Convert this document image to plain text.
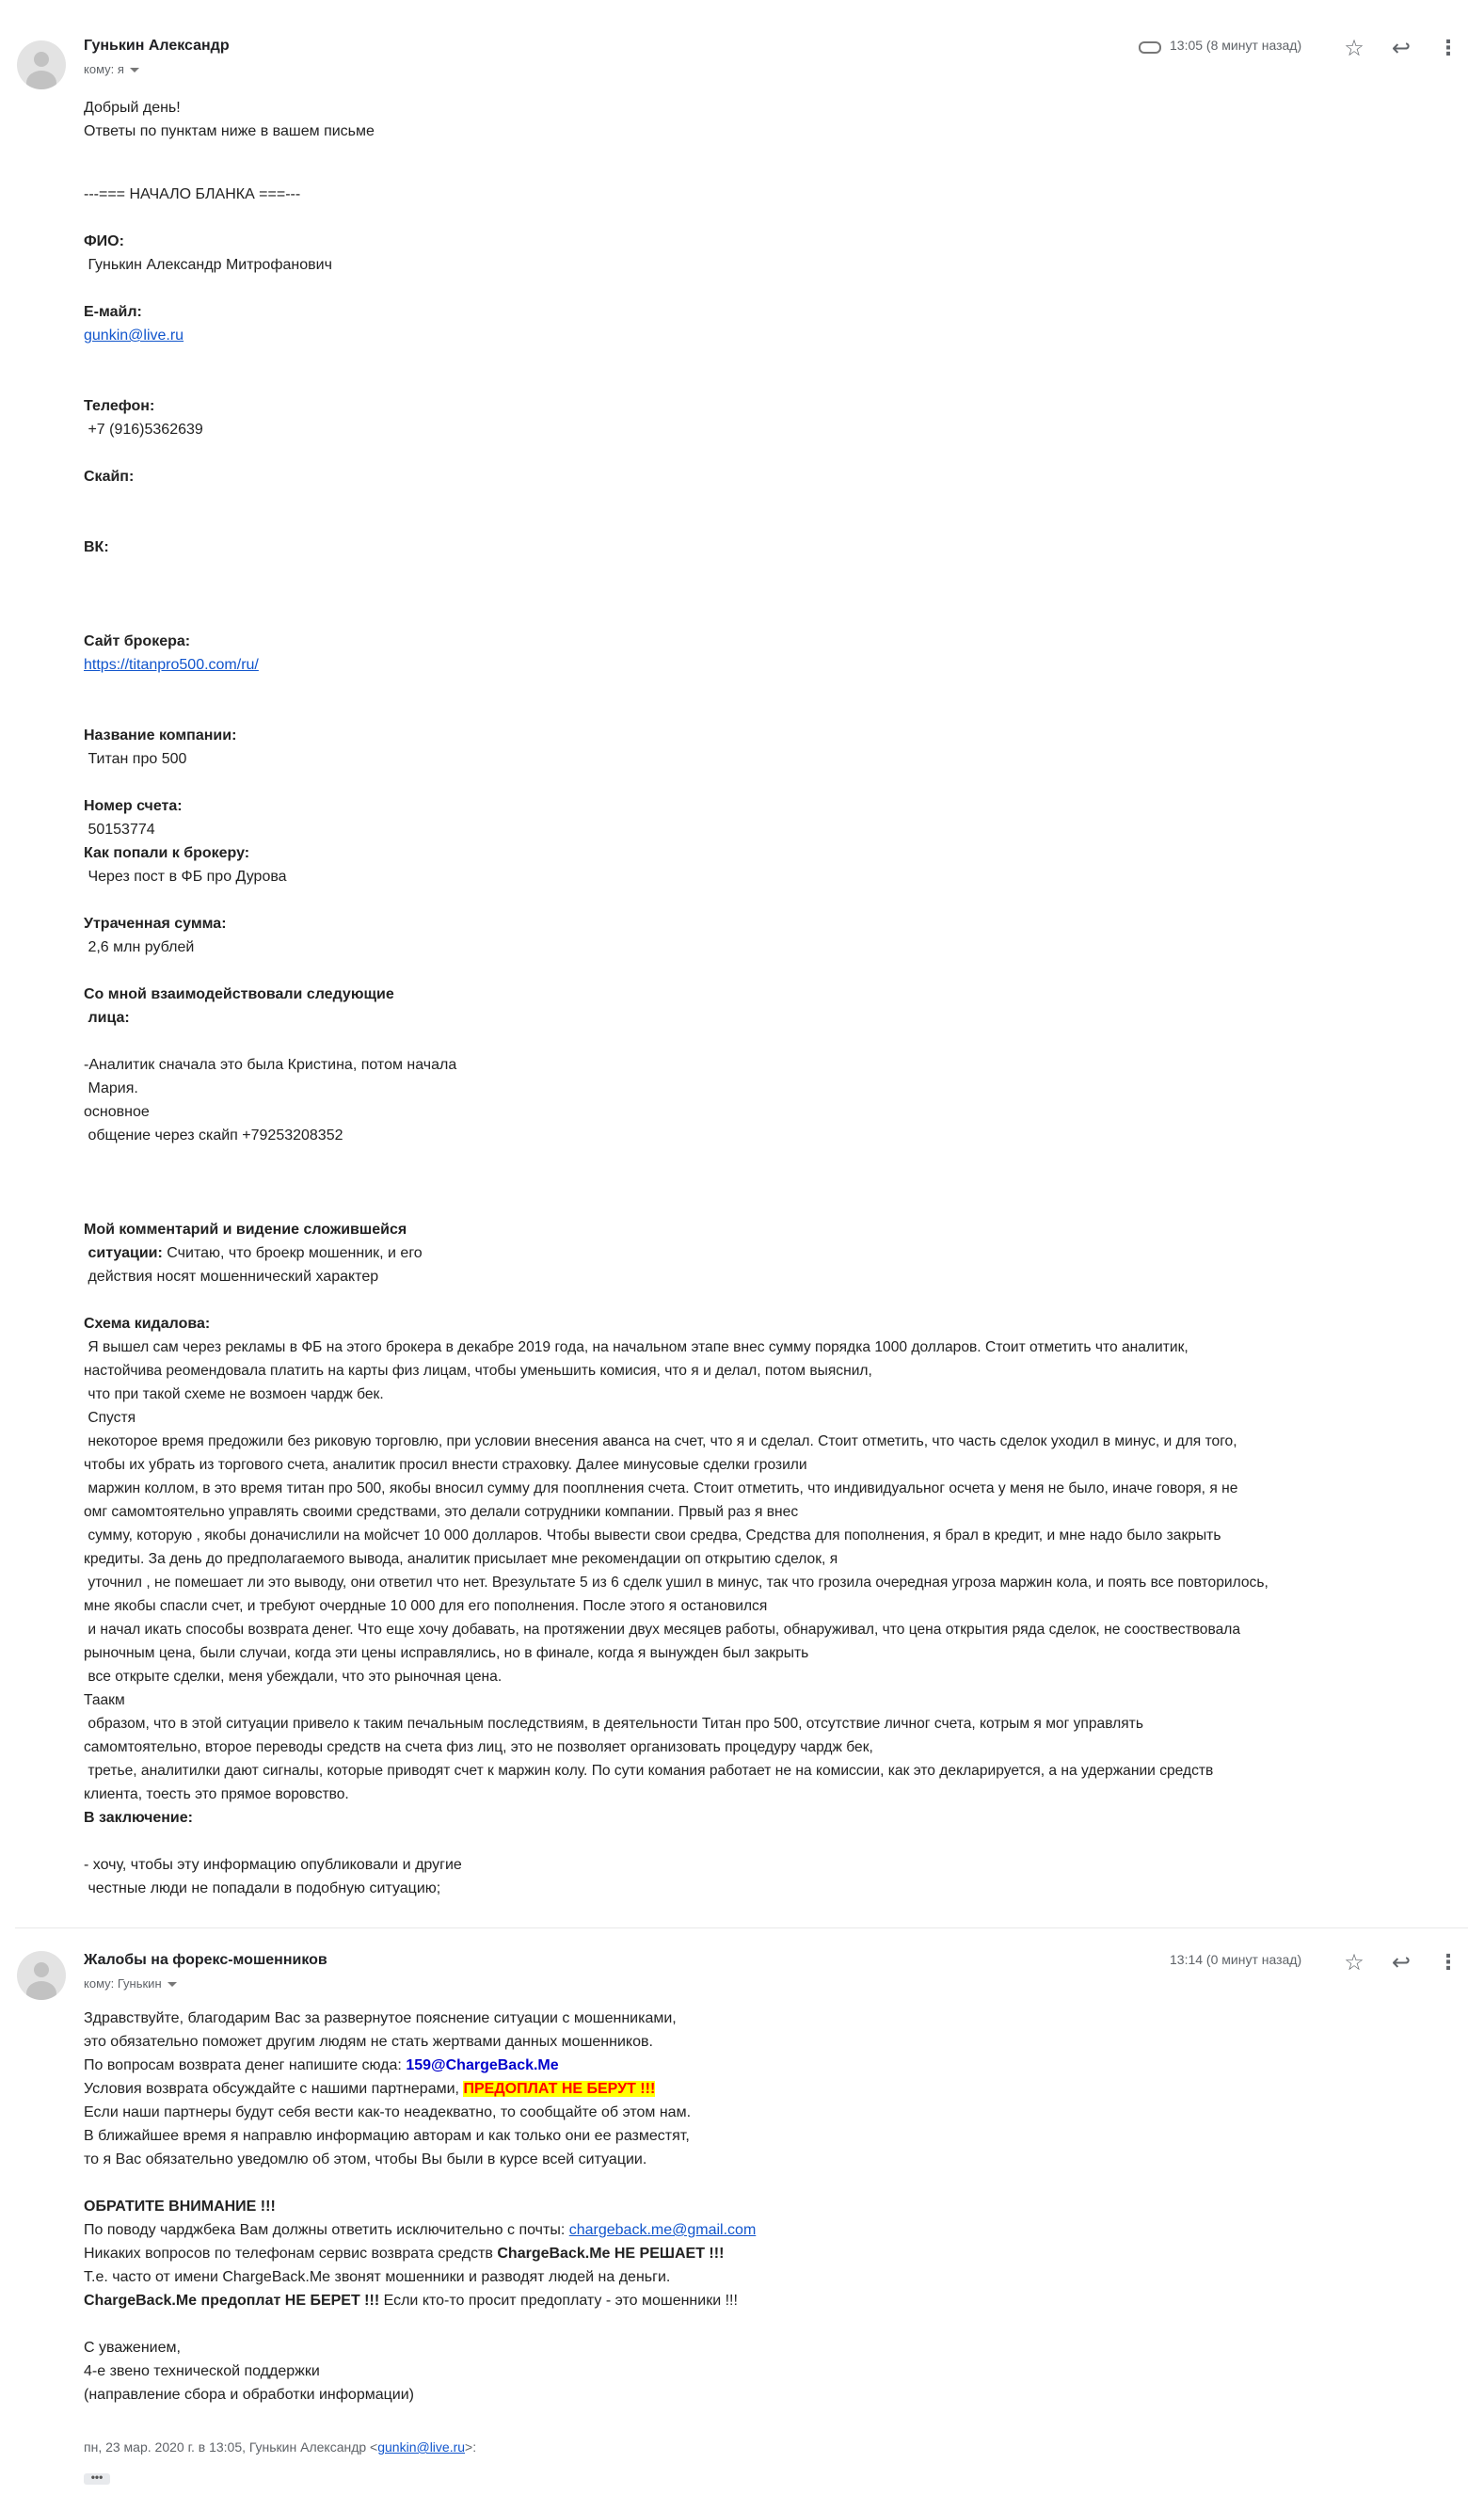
Гунькин Александр
кому: я
13:05 (8 минут назад) ☆ ↩ ⋮

Добрый день!

Ответы по пунктам ниже в вашем письме

---=== НАЧАЛО БЛАНКА ===---

ФИО:

Гунькин Александр Митрофанович

E-майл:

gunkin@live.ru

Телефон:

+7 (916)5362639

Скайп:

ВК:

Сайт брокера:

https://titanpro500.com/ru/

Название компании:

Титан про 500

Номер счета:

50153774

Как попали к брокеру:

Через пост в ФБ про Дурова

Утраченная сумма:

2,6 млн рублей

Со мной взаимодействовали следующие

лица:

-Аналитик сначала это была Кристина, потом начала

Мария.

основное

общение через скайп +79253208352

Мой комментарий и видение сложившейся

ситуации: Считаю, что броекр мошенник, и его

действия носят мошеннический характер

Схема кидалова:

Я вышел сам через рекламы в ФБ на этого брокера в декабре 2019 года, на начальном этапе внес сумму порядка 1000 долларов. Стоит отметить что аналитик,

настойчива реомендовала платить на карты физ лицам, чтобы уменьшить комисия, что я и делал, потом выяснил,

что при такой схеме не возмоен чардж бек.

Спустя

некоторое время предожили без риковую торговлю, при условии внесения аванса на счет, что я и сделал. Стоит отметить, что часть сделок уходил в минус, и для того,

чтобы их убрать из торгового счета, аналитик просил внести страховку. Далее минусовые сделки грозили

маржин коллом, в это время титан про 500, якобы вносил сумму для пооплнения счета. Стоит отметить, что индивидуальног осчета у меня не было, иначе говоря, я не

омг самомтоятельно управлять своими средствами, это делали сотрудники компании. Првый раз я внес

сумму, которую , якобы доначислили на мойсчет 10 000 долларов. Чтобы вывести свои средва, Средства для пополнения, я брал в кредит, и мне надо было закрыть

кредиты. За день до предполагаемого вывода, аналитик присылает мне рекомендации оп открытию сделок, я

уточнил , не помешает ли это выводу, они ответил что нет. Врезультате 5 из 6 сделк ушил в минус, так что грозила очередная угроза маржин кола, и поять все повторилось,

мне якобы спасли счет, и требуют очердные 10 000 для его пополнения. После этого я остановился

и начал икать способы возврата денег. Что еще хочу добавать, на протяжении двух месяцев работы, обнаруживал, что цена открытия ряда сделок, не сооствествовала

рыночным цена, были случаи, когда эти цены исправлялись, но в финале, когда я вынужден был закрыть

все открыте сделки, меня убеждали, что это рыночная цена.

Таакм

образом, что в этой ситуации привело к таким печальным последствиям, в деятельности Титан про 500, отсутствие личног счета, котрым я мог управлять

самомтоятельно, второе переводы средств на счета физ лиц, это не позволяет организовать процедуру чардж бек,

третье, аналитилки дают сигналы, которые приводят счет к маржин колу. По сути комания работает не на комиссии, как это декларируется, а на удержании средств

клиента, тоесть это прямое воровство.

В заключение:

- хочу, чтобы эту информацию опубликовали и другие

честные люди не попадали в подобную ситуацию;

Жалобы на форекс-мошенников
кому: Гунькин
13:14 (0 минут назад) ☆ ↩ ⋮

Здравствуйте, благодарим Вас за развернутое пояснение ситуации с мошенниками,

это обязательно поможет другим людям не стать жертвами данных мошенников.

По вопросам возврата денег напишите сюда: 159@ChargeBack.Me

Условия возврата обсуждайте с нашими партнерами, ПРЕДОПЛАТ НЕ БЕРУТ !!!

Если наши партнеры будут себя вести как-то неадекватно, то сообщайте об этом нам.

В ближайшее время я направлю информацию авторам и как только они ее разместят,

то я Вас обязательно уведомлю об этом, чтобы Вы были в курсе всей ситуации.

ОБРАТИТЕ ВНИМАНИЕ !!!

По поводу чарджбека Вам должны ответить исключительно с почты: chargeback.me@gmail.com

Никаких вопросов по телефонам сервис возврата средств ChargeBack.Me НЕ РЕШАЕТ !!!

Т.е. часто от имени ChargeBack.Me звонят мошенники и разводят людей на деньги.

ChargeBack.Me предоплат НЕ БЕРЕТ !!! Если кто-то просит предоплату - это мошенники !!!

С уважением,

4-е звено технической поддержки

(направление сбора и обработки информации)

пн, 23 мар. 2020 г. в 13:05, Гунькин Александр <gunkin@live.ru>:
•••
